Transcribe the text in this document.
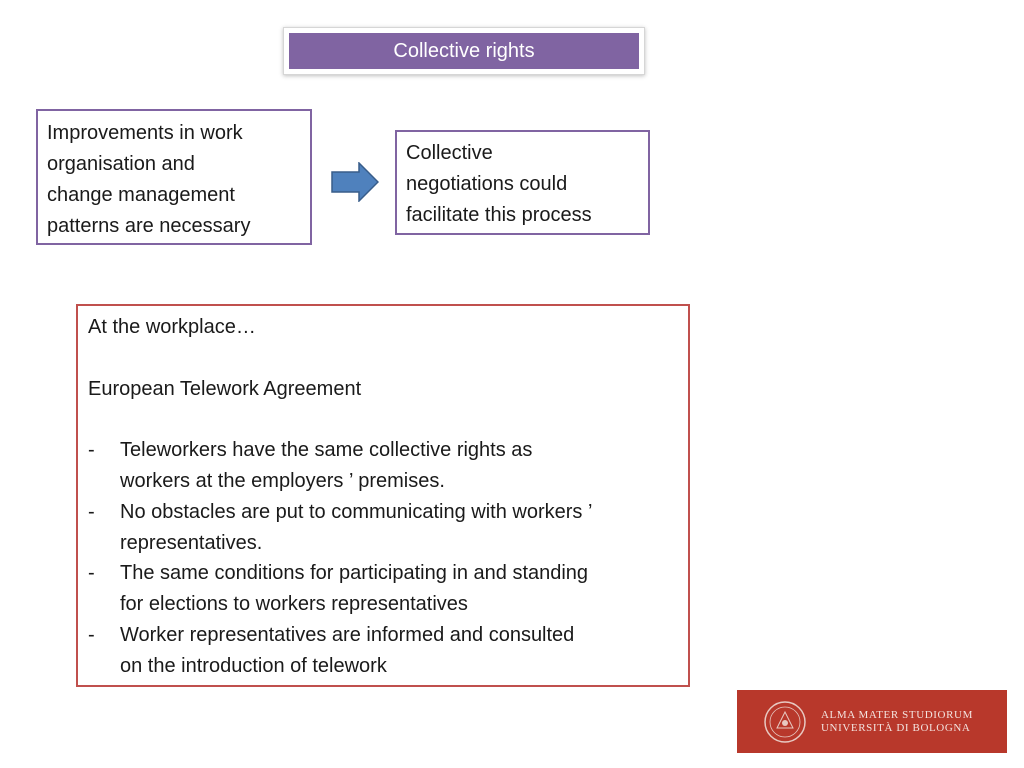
Collective rights
Improvements in work
organisation and
change management
patterns are necessary
Collective
negotiations could
facilitate this process
At the workplace…
European Telework Agreement
- Teleworkers have the same collective rights as
workers at the employers ’ premises.
- No obstacles are put to communicating with workers ’
representatives.
- The same conditions for participating in and standing
for elections to workers representatives
- Worker representatives are informed and consulted
on the introduction of telework
ALMA MATER STUDIORUM
UNIVERSITÀ DI BOLOGNA
